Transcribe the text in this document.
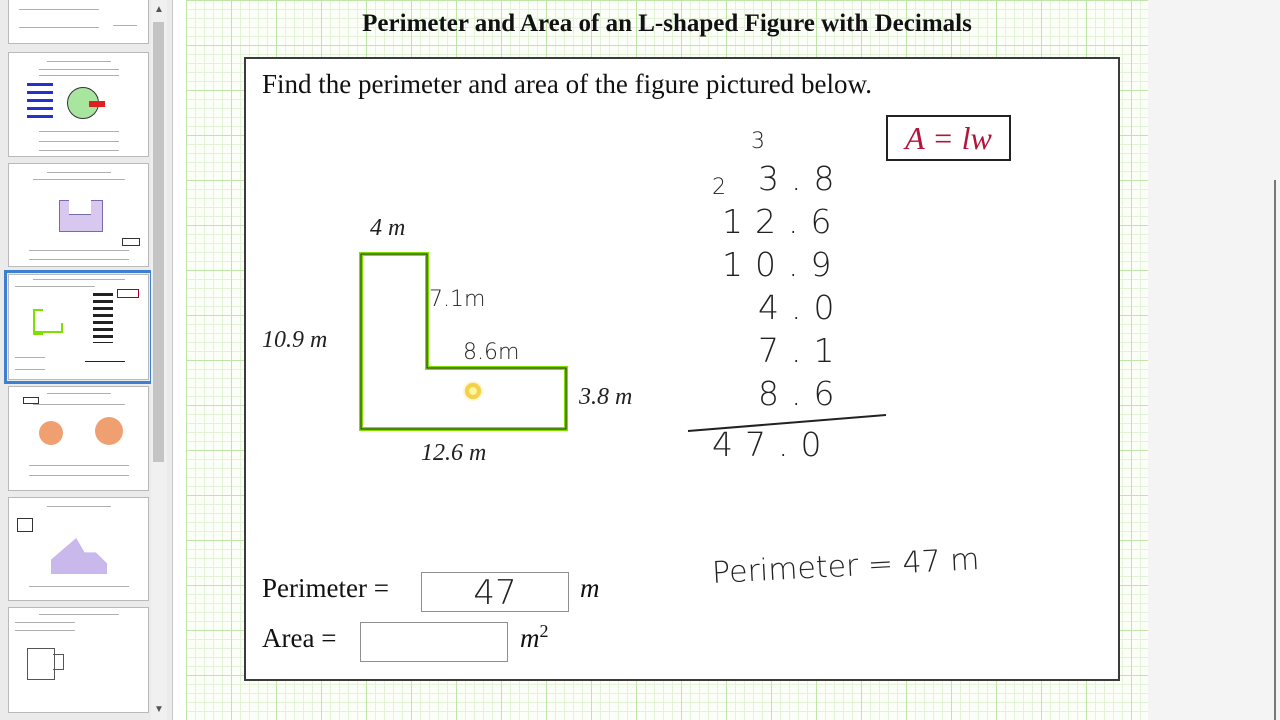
▲
▼
Perimeter and Area of an L-shaped Figure with Decimals
Find the perimeter and area of the figure pictured below.
A = lw
4 m
10.9 m
7.1m
8.6m
3.8 m
12.6 m
3
2 3.8
12.6
10.9
4.0
7.1
8.6
47.0
Perimeter = 47 m
Perimeter =	47	m
Area =	$m^2$
